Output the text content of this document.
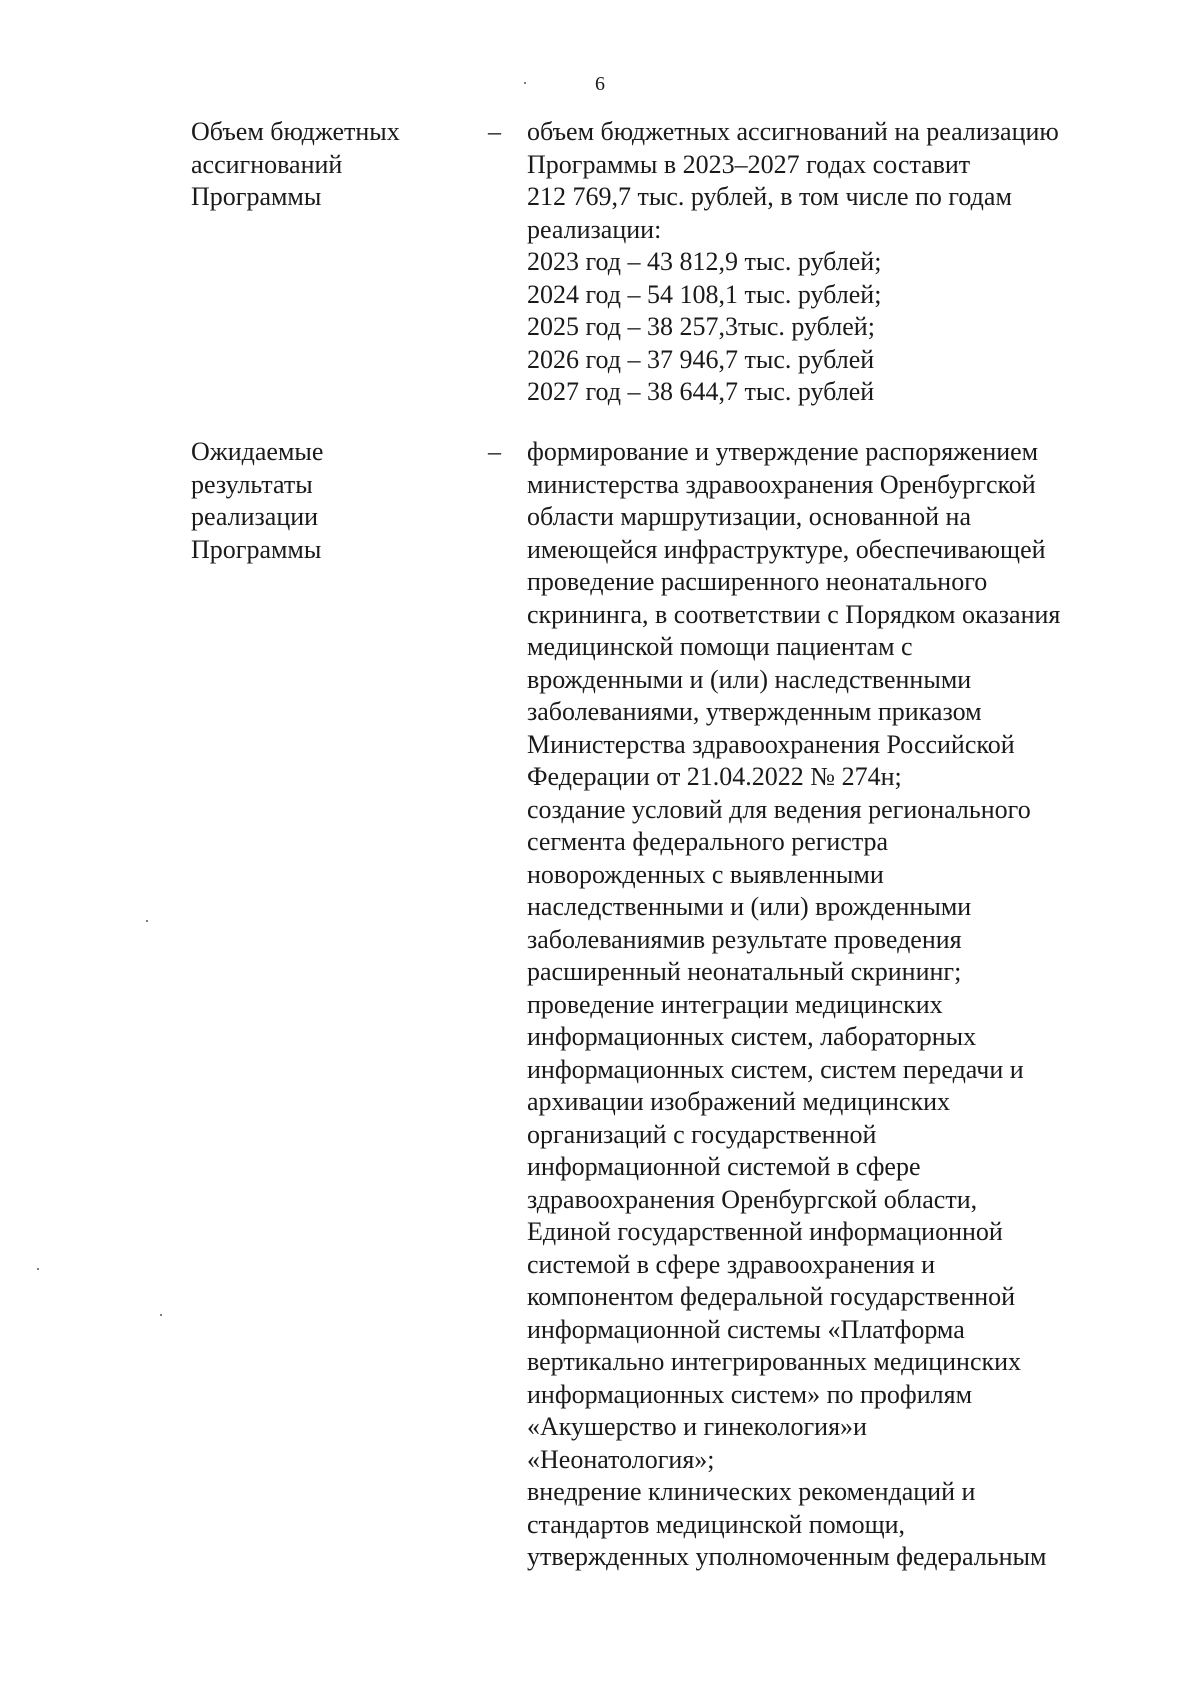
6
Объем бюджетных
ассигнований
Программы
– объем бюджетных ассигнований на реализацию
Программы в 2023–2027 годах составит
212 769,7 тыс. рублей, в том числе по годам
реализации:
2023 год – 43 812,9 тыс. рублей;
2024 год – 54 108,1 тыс. рублей;
2025 год – 38 257,3тыс. рублей;
2026 год – 37 946,7 тыс. рублей
2027 год – 38 644,7 тыс. рублей
Ожидаемые
результаты
реализации
Программы
– формирование и утверждение распоряжением
министерства здравоохранения Оренбургской
области маршрутизации, основанной на
имеющейся инфраструктуре, обеспечивающей
проведение расширенного неонатального
скрининга, в соответствии с Порядком оказания
медицинской помощи пациентам с
врожденными и (или) наследственными
заболеваниями, утвержденным приказом
Министерства здравоохранения Российской
Федерации от 21.04.2022 № 274н;
создание условий для ведения регионального
сегмента федерального регистра
новорожденных с выявленными
наследственными и (или) врожденными
заболеваниямив результате проведения
расширенный неонатальный скрининг;
проведение интеграции медицинских
информационных систем, лабораторных
информационных систем, систем передачи и
архивации изображений медицинских
организаций с государственной
информационной системой в сфере
здравоохранения Оренбургской области,
Единой государственной информационной
системой в сфере здравоохранения и
компонентом федеральной государственной
информационной системы «Платформа
вертикально интегрированных медицинских
информационных систем» по профилям
«Акушерство и гинекология»и
«Неонатология»;
внедрение клинических рекомендаций и
стандартов медицинской помощи,
утвержденных уполномоченным федеральным
